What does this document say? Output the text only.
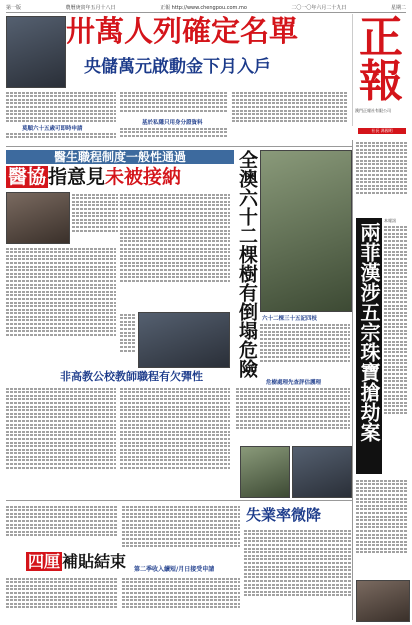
第一版	農曆庚寅年五月十八日	正報 http://www.chengpou.com.mo	二〇一〇年六月二十九日	星期二
卅萬人列確定名單
央儲萬元啟動金下月入戶
正
報
澳門正報社有限公司
社長 馮國明
莫順六十五歲可即時申請
基於私隱只用身分證資料
醫生職程制度一般性通過
醫協 指意見未被接納
非高教公校教師職程有欠彈性
四厘 補貼結束 第二季收入續短/月日接受申請
失業率微降
全澳六十二棵樹有倒塌危險 六十二棵三十五記四枝
危樹處理先查評估護理 兩菲漢涉五宗珠寶搶劫案
本報訊
